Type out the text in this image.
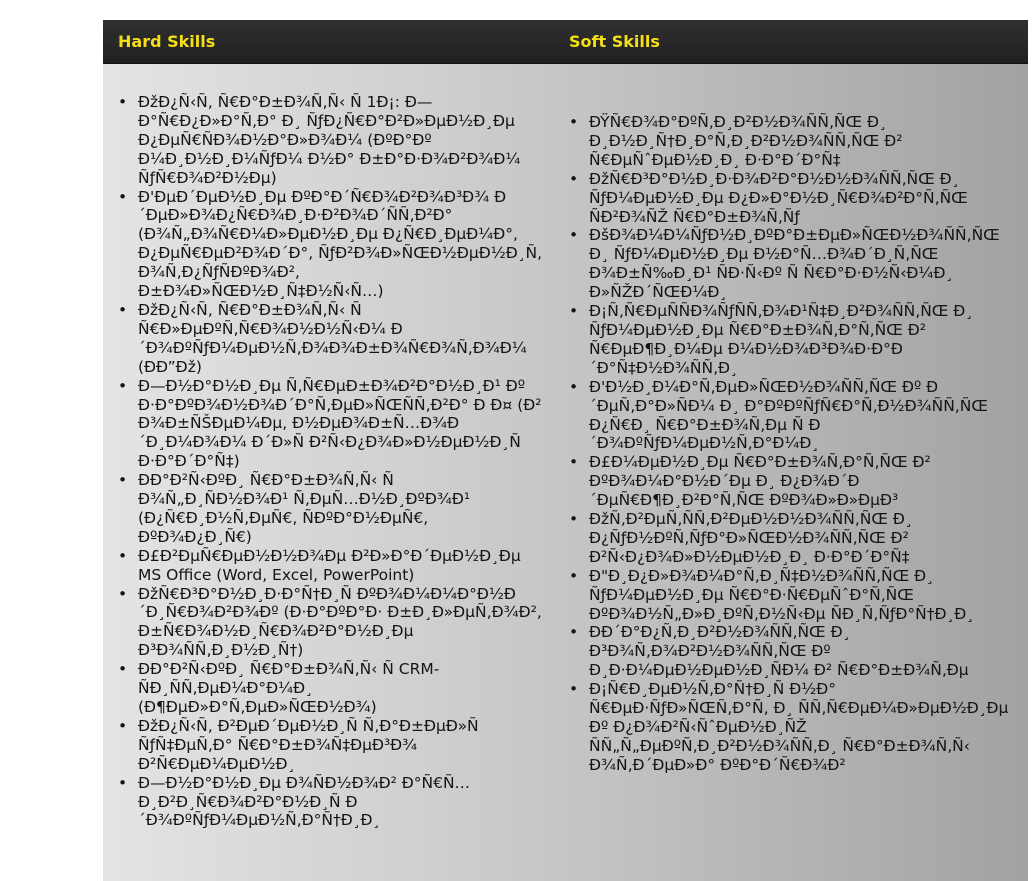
Hard Skills	Soft Skills
• ÐžÐ¿Ñ‹Ñ‚ Ñ€Ð°Ð±Ð¾Ñ‚Ñ‹ Ñ 1Ð¡: Ð—Ð°Ñ€Ð¿Ð»Ð°Ñ‚Ð° Ð¸ ÑƒÐ¿Ñ€Ð°Ð²Ð»ÐµÐ½Ð¸Ðµ Ð¿ÐµÑ€ÑÐ¾Ð½Ð°Ð»Ð¾Ð¼ (ÐºÐ°Ðº Ð¼Ð¸Ð½Ð¸Ð¼ÑƒÐ¼ Ð½Ð° Ð±Ð°Ð·Ð¾Ð²Ð¾Ð¼ ÑƒÑ€Ð¾Ð²Ð½Ðµ)
• Ð'ÐµÐ´ÐµÐ½Ð¸Ðµ ÐºÐ°Ð´Ñ€Ð¾Ð²Ð¾Ð³Ð¾ Ð´ÐµÐ»Ð¾Ð¿Ñ€Ð¾Ð¸Ð·Ð²Ð¾Ð´ÑÑ‚Ð²Ð° (Ð¾Ñ„Ð¾Ñ€Ð¼Ð»ÐµÐ½Ð¸Ðµ Ð¿Ñ€Ð¸ÐµÐ¼Ð°, Ð¿ÐµÑ€ÐµÐ²Ð¾Ð´Ð°, ÑƒÐ²Ð¾Ð»ÑŒÐ½ÐµÐ½Ð¸Ñ, Ð¾Ñ‚Ð¿ÑƒÑÐºÐ¾Ð², Ð±Ð¾Ð»ÑŒÐ½Ð¸Ñ‡Ð½Ñ‹Ñ…)
• ÐžÐ¿Ñ‹Ñ‚ Ñ€Ð°Ð±Ð¾Ñ‚Ñ‹ Ñ Ñ€Ð»ÐµÐºÑ‚Ñ€Ð¾Ð½Ð½Ñ‹Ð¼ Ð´Ð¾ÐºÑƒÐ¼ÐµÐ½Ñ‚Ð¾Ð¾Ð±Ð¾Ñ€Ð¾Ñ‚Ð¾Ð¼ (ÐÐ”Ðž)
• Ð—Ð½Ð°Ð½Ð¸Ðµ Ñ‚Ñ€ÐµÐ±Ð¾Ð²Ð°Ð½Ð¸Ð¹ Ðº Ð·Ð°ÐºÐ¾Ð½Ð¾Ð´Ð°Ñ‚ÐµÐ»ÑŒÑÑ‚Ð²Ð° Ð Ð¤ (Ð² Ð¾Ð±ÑŠÐµÐ¼Ðµ, Ð½ÐµÐ¾Ð±Ñ…Ð¾Ð´Ð¸Ð¼Ð¾Ð¼ Ð´Ð»Ñ Ð²Ñ‹Ð¿Ð¾Ð»Ð½ÐµÐ½Ð¸Ñ Ð·Ð°Ð´Ð°Ñ‡)
• ÐÐ°Ð²Ñ‹ÐºÐ¸ Ñ€Ð°Ð±Ð¾Ñ‚Ñ‹ Ñ Ð¾Ñ„Ð¸ÑÐ½Ð¾Ð¹ Ñ‚ÐµÑ…Ð½Ð¸ÐºÐ¾Ð¹ (Ð¿Ñ€Ð¸Ð½Ñ‚ÐµÑ€, ÑÐºÐ°Ð½ÐµÑ€, ÐºÐ¾Ð¿Ð¸Ñ€)
• Ð£Ð²ÐµÑ€ÐµÐ½Ð½Ð¾Ðµ Ð²Ð»Ð°Ð´ÐµÐ½Ð¸Ðµ MS Office (Word, Excel, PowerPoint)
• ÐžÑ€Ð³Ð°Ð½Ð¸Ð·Ð°Ñ†Ð¸Ñ ÐºÐ¾Ð¼Ð¼Ð°Ð½Ð´Ð¸Ñ€Ð¾Ð²Ð¾Ðº (Ð·Ð°ÐºÐ°Ð· Ð±Ð¸Ð»ÐµÑ‚Ð¾Ð², Ð±Ñ€Ð¾Ð½Ð¸Ñ€Ð¾Ð²Ð°Ð½Ð¸Ðµ Ð³Ð¾ÑÑ‚Ð¸Ð½Ð¸Ñ†)
• ÐÐ°Ð²Ñ‹ÐºÐ¸ Ñ€Ð°Ð±Ð¾Ñ‚Ñ‹ Ñ CRM-ÑÐ¸ÑÑ‚ÐµÐ¼Ð°Ð¼Ð¸ (Ð¶ÐµÐ»Ð°Ñ‚ÐµÐ»ÑŒÐ½Ð¾)
• ÐžÐ¿Ñ‹Ñ‚ Ð²ÐµÐ´ÐµÐ½Ð¸Ñ Ñ‚Ð°Ð±ÐµÐ»Ñ ÑƒÑ‡ÐµÑ‚Ð° Ñ€Ð°Ð±Ð¾Ñ‡ÐµÐ³Ð¾ Ð²Ñ€ÐµÐ¼ÐµÐ½Ð¸
• Ð—Ð½Ð°Ð½Ð¸Ðµ Ð¾ÑÐ½Ð¾Ð² Ð°Ñ€Ñ…Ð¸Ð²Ð¸Ñ€Ð¾Ð²Ð°Ð½Ð¸Ñ Ð´Ð¾ÐºÑƒÐ¼ÐµÐ½Ñ‚Ð°Ñ†Ð¸Ð¸
• ÐŸÑ€Ð¾Ð°ÐºÑ‚Ð¸Ð²Ð½Ð¾ÑÑ‚ÑŒ Ð¸ Ð¸Ð½Ð¸Ñ†Ð¸Ð°Ñ‚Ð¸Ð²Ð½Ð¾ÑÑ‚ÑŒ Ð² Ñ€ÐµÑˆÐµÐ½Ð¸Ð¸ Ð·Ð°Ð´Ð°Ñ‡
• ÐžÑ€Ð³Ð°Ð½Ð¸Ð·Ð¾Ð²Ð°Ð½Ð½Ð¾ÑÑ‚ÑŒ Ð¸ ÑƒÐ¼ÐµÐ½Ð¸Ðµ Ð¿Ð»Ð°Ð½Ð¸Ñ€Ð¾Ð²Ð°Ñ‚ÑŒ ÑÐ²Ð¾ÑŽ Ñ€Ð°Ð±Ð¾Ñ‚Ñƒ
• ÐšÐ¾Ð¼Ð¼ÑƒÐ½Ð¸ÐºÐ°Ð±ÐµÐ»ÑŒÐ½Ð¾ÑÑ‚ÑŒ Ð¸ ÑƒÐ¼ÐµÐ½Ð¸Ðµ Ð½Ð°Ñ…Ð¾Ð´Ð¸Ñ‚ÑŒ Ð¾Ð±Ñ‰Ð¸Ð¹ ÑÐ·Ñ‹Ðº Ñ Ñ€Ð°Ð·Ð½Ñ‹Ð¼Ð¸ Ð»ÑŽÐ´ÑŒÐ¼Ð¸
• Ð¡Ñ‚Ñ€ÐµÑÑÐ¾ÑƒÑÑ‚Ð¾Ð¹Ñ‡Ð¸Ð²Ð¾ÑÑ‚ÑŒ Ð¸ ÑƒÐ¼ÐµÐ½Ð¸Ðµ Ñ€Ð°Ð±Ð¾Ñ‚Ð°Ñ‚ÑŒ Ð² Ñ€ÐµÐ¶Ð¸Ð¼Ðµ Ð¼Ð½Ð¾Ð³Ð¾Ð·Ð°Ð´Ð°Ñ‡Ð½Ð¾ÑÑ‚Ð¸
• Ð'Ð½Ð¸Ð¼Ð°Ñ‚ÐµÐ»ÑŒÐ½Ð¾ÑÑ‚ÑŒ Ðº Ð´ÐµÑ‚Ð°Ð»ÑÐ¼ Ð¸ Ð°ÐºÐºÑƒÑ€Ð°Ñ‚Ð½Ð¾ÑÑ‚ÑŒ Ð¿Ñ€Ð¸ Ñ€Ð°Ð±Ð¾Ñ‚Ðµ Ñ Ð´Ð¾ÐºÑƒÐ¼ÐµÐ½Ñ‚Ð°Ð¼Ð¸
• Ð£Ð¼ÐµÐ½Ð¸Ðµ Ñ€Ð°Ð±Ð¾Ñ‚Ð°Ñ‚ÑŒ Ð² ÐºÐ¾Ð¼Ð°Ð½Ð´Ðµ Ð¸ Ð¿Ð¾Ð´Ð´ÐµÑ€Ð¶Ð¸Ð²Ð°Ñ‚ÑŒ ÐºÐ¾Ð»Ð»ÐµÐ³
• ÐžÑ‚Ð²ÐµÑ‚ÑÑ‚Ð²ÐµÐ½Ð½Ð¾ÑÑ‚ÑŒ Ð¸ Ð¿ÑƒÐ½ÐºÑ‚ÑƒÐ°Ð»ÑŒÐ½Ð¾ÑÑ‚ÑŒ Ð² Ð²Ñ‹Ð¿Ð¾Ð»Ð½ÐµÐ½Ð¸Ð¸ Ð·Ð°Ð´Ð°Ñ‡
• Ð"Ð¸Ð¿Ð»Ð¾Ð¼Ð°Ñ‚Ð¸Ñ‡Ð½Ð¾ÑÑ‚ÑŒ Ð¸ ÑƒÐ¼ÐµÐ½Ð¸Ðµ Ñ€Ð°Ð·Ñ€ÐµÑˆÐ°Ñ‚ÑŒ ÐºÐ¾Ð½Ñ„Ð»Ð¸ÐºÑ‚Ð½Ñ‹Ðµ ÑÐ¸Ñ‚ÑƒÐ°Ñ†Ð¸Ð¸
• ÐÐ´Ð°Ð¿Ñ‚Ð¸Ð²Ð½Ð¾ÑÑ‚ÑŒ Ð¸ Ð³Ð¾Ñ‚Ð¾Ð²Ð½Ð¾ÑÑ‚ÑŒ Ðº Ð¸Ð·Ð¼ÐµÐ½ÐµÐ½Ð¸ÑÐ¼ Ð² Ñ€Ð°Ð±Ð¾Ñ‚Ðµ
• Ð¡Ñ€Ð¸ÐµÐ½Ñ‚Ð°Ñ†Ð¸Ñ Ð½Ð° Ñ€ÐµÐ·ÑƒÐ»ÑŒÑ‚Ð°Ñ‚ Ð¸ ÑÑ‚Ñ€ÐµÐ¼Ð»ÐµÐ½Ð¸Ðµ Ðº Ð¿Ð¾Ð²Ñ‹ÑˆÐµÐ½Ð¸ÑŽ ÑÑ„Ñ„ÐµÐºÑ‚Ð¸Ð²Ð½Ð¾ÑÑ‚Ð¸ Ñ€Ð°Ð±Ð¾Ñ‚Ñ‹ Ð¾Ñ‚Ð´ÐµÐ»Ð° ÐºÐ°Ð´Ñ€Ð¾Ð²
